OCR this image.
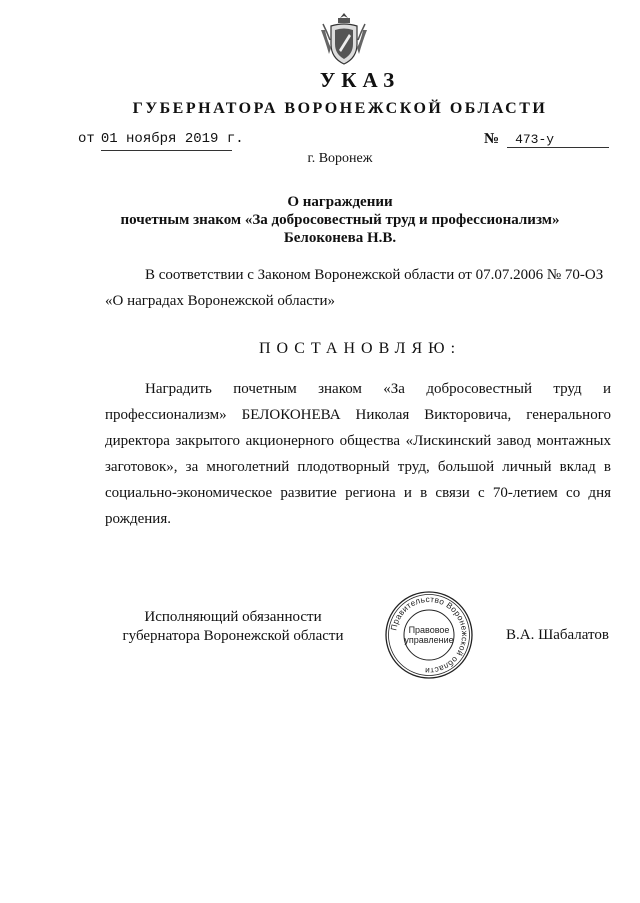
УКАЗ
ГУБЕРНАТОРА ВОРОНЕЖСКОЙ ОБЛАСТИ
от 01 ноября 2019 г.	№ 473-у
г. Воронеж
О награждении
почетным знаком «За добросовестный труд и профессионализм»
Белоконева Н.В.
В соответствии с Законом Воронежской области от 07.07.2006 № 70-ОЗ
«О наградах Воронежской области»
ПОСТАНОВЛЯЮ:
Наградить почетным знаком «За добросовестный труд и
профессионализм» БЕЛОКОНЕВА Николая Викторовича, генерального
директора закрытого акционерного общества «Лискинский завод монтажных
заготовок», за многолетний плодотворный труд, большой личный вклад в
социально-экономическое развитие региона и в связи с 70-летием со дня
рождения.
Исполняющий обязанности
губернатора Воронежской области
Правительство Воронежской области
Правовое
управление	В.А. Шабалатов
